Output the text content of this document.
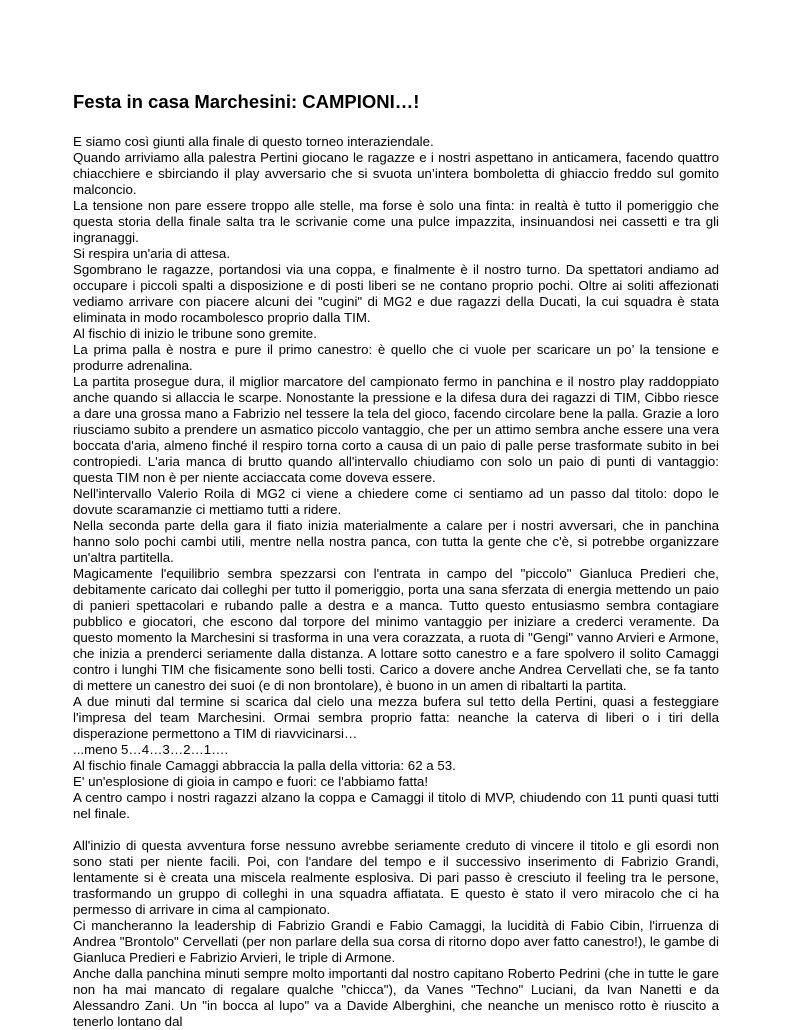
Festa in casa Marchesini: CAMPIONI…!

E siamo così giunti alla finale di questo torneo interaziendale.

Quando arriviamo alla palestra Pertini giocano le ragazze e i nostri aspettano in anticamera, facendo quattro chiacchiere e sbirciando il play avversario che si svuota un’intera bomboletta di ghiaccio freddo sul gomito malconcio.

La tensione non pare essere troppo alle stelle, ma forse è solo una finta: in realtà è tutto il pomeriggio che questa storia della finale salta tra le scrivanie come una pulce impazzita, insinuandosi nei cassetti e tra gli ingranaggi.

Si respira un'aria di attesa.

Sgombrano le ragazze, portandosi via una coppa, e finalmente è il nostro turno. Da spettatori andiamo ad occupare i piccoli spalti a disposizione e di posti liberi se ne contano proprio pochi. Oltre ai soliti affezionati vediamo arrivare con piacere alcuni dei "cugini" di MG2 e due ragazzi della Ducati, la cui squadra è stata eliminata in modo rocambolesco proprio dalla TIM.

Al fischio di inizio le tribune sono gremite.

La prima palla è nostra e pure il primo canestro: è quello che ci vuole per scaricare un po’ la tensione e produrre adrenalina.

La partita prosegue dura, il miglior marcatore del campionato fermo in panchina e il nostro play raddoppiato anche quando si allaccia le scarpe. Nonostante la pressione e la difesa dura dei ragazzi di TIM, Cibbo riesce a dare una grossa mano a Fabrizio nel tessere la tela del gioco, facendo circolare bene la palla. Grazie a loro riusciamo subito a prendere un asmatico piccolo vantaggio, che per un attimo sembra anche essere una vera boccata d'aria, almeno finché il respiro torna corto a causa di un paio di palle perse trasformate subito in bei contropiedi. L'aria manca di brutto quando all'intervallo chiudiamo con solo un paio di punti di vantaggio: questa TIM non è per niente acciaccata come doveva essere.

Nell'intervallo Valerio Roila di MG2 ci viene a chiedere come ci sentiamo ad un passo dal titolo: dopo le dovute scaramanzie ci mettiamo tutti a ridere.

Nella seconda parte della gara il fiato inizia materialmente a calare per i nostri avversari, che in panchina hanno solo pochi cambi utili, mentre nella nostra panca, con tutta la gente che c'è, si potrebbe organizzare un'altra partitella.

Magicamente l'equilibrio sembra spezzarsi con l'entrata in campo del "piccolo" Gianluca Predieri che, debitamente caricato dai colleghi per tutto il pomeriggio, porta una sana sferzata di energia mettendo un paio di panieri spettacolari e rubando palle a destra e a manca. Tutto questo entusiasmo sembra contagiare pubblico e giocatori, che escono dal torpore del minimo vantaggio per iniziare a crederci veramente. Da questo momento la Marchesini si trasforma in una vera corazzata, a ruota di "Gengi" vanno Arvieri e Armone, che inizia a prenderci seriamente dalla distanza. A lottare sotto canestro e a fare spolvero il solito Camaggi contro i lunghi TIM che fisicamente sono belli tosti. Carico a dovere anche Andrea Cervellati che, se fa tanto di mettere un canestro dei suoi (e di non brontolare), è buono in un amen di ribaltarti la partita.

A due minuti dal termine si scarica dal cielo una mezza bufera sul tetto della Pertini, quasi a festeggiare l'impresa del team Marchesini. Ormai sembra proprio fatta: neanche la caterva di liberi o i tiri della disperazione permettono a TIM di riavvicinarsi…

...meno 5…4…3…2…1….

Al fischio finale Camaggi abbraccia la palla della vittoria: 62 a 53.

E' un'esplosione di gioia in campo e fuori: ce l'abbiamo fatta!

A centro campo i nostri ragazzi alzano la coppa e Camaggi il titolo di MVP, chiudendo con 11 punti quasi tutti nel finale.

All'inizio di questa avventura forse nessuno avrebbe seriamente creduto di vincere il titolo e gli esordi non sono stati per niente facili. Poi, con l'andare del tempo e il successivo inserimento di Fabrizio Grandi, lentamente si è creata una miscela realmente esplosiva. Di pari passo è cresciuto il feeling tra le persone, trasformando un gruppo di colleghi in una squadra affiatata. E questo è stato il vero miracolo che ci ha permesso di arrivare in cima al campionato.

Ci mancheranno la leadership di Fabrizio Grandi e Fabio Camaggi, la lucidità di Fabio Cibin, l'irruenza di Andrea "Brontolo" Cervellati (per non parlare della sua corsa di ritorno dopo aver fatto canestro!), le gambe di Gianluca Predieri e Fabrizio Arvieri, le triple di Armone.

Anche dalla panchina minuti sempre molto importanti dal nostro capitano Roberto Pedrini (che in tutte le gare non ha mai mancato di regalare qualche "chicca"), da Vanes "Techno" Luciani, da Ivan Nanetti e da Alessandro Zani. Un "in bocca al lupo" va a Davide Alberghini, che neanche un menisco rotto è riuscito a tenerlo lontano dal
